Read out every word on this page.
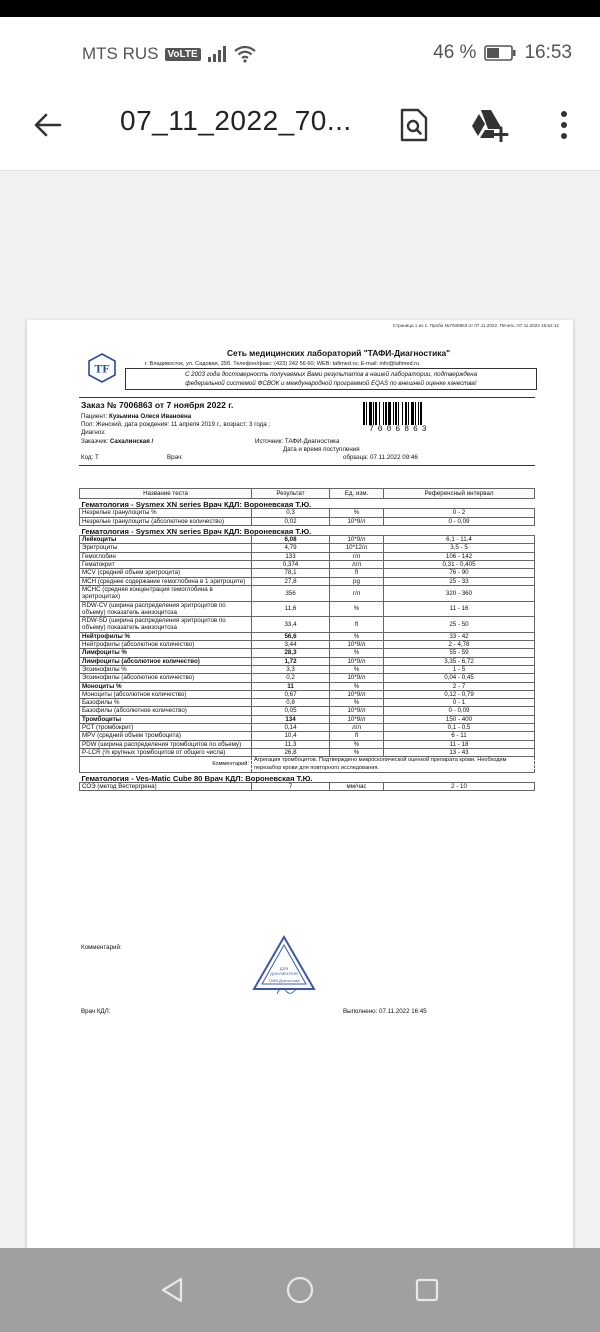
MTS RUS VoLTE	46 %	16:53
07_11_2022_70...
Страница 1 из 1. Проба №7006863 от 07.11.2022. Печать: 07.11.2022 16:52:12
TF
Сеть медицинских лабораторий "ТАФИ-Диагностика"
г. Владивосток, ул. Садовая, 25б. Телефон/факс: (423) 242 56 60; WEB: tafimed.ru; E-mail: info@tafimed.ru
С 2003 года достоверность получаемых Вами результатов в нашей лаборатории, подтверждена
федеральной системой ФСВОК и международной программой EQAS по внешней оценке качества!
Заказ № 7006863 от 7 ноября 2022 г.
Пациент: Кузьмина Олеся Ивановна
Пол: Женский, дата рождения: 11 апреля 2019 г., возраст: 3 года ;
Диагноз:
Заказчик: Сахалинская /	Источник: ТАФИ-Диагностика
Дата и время поступления
Код: Т	Врач:	образца: 07.11.2022 09:46
7006863
Название теста	Результат	Ед. изм.	Референсный интервал
Гематология - Sysmex XN series Врач КДЛ: Вороневская Т.Ю.			
Незрелые гранулоциты %	0,3	%	0 - 2
Незрелые гранулоциты (абсолютное количество)	0,02	10*9/л	0 - 0,09
Гематология - Sysmex XN series Врач КДЛ: Вороневская Т.Ю.			
Лейкоциты	6,08	10*9/л	6,1 - 11,4
Эритроциты	4,79	10*12/л	3,5 - 5
Гемоглобин	133	г/л	106 - 142
Гематокрит	0,374	л/л	0,31 - 0,405
MCV (средний объем эритроцита)	78,1	fl	76 - 90
МСН (среднее содержание гемоглобина в 1 эритроците)	27,8	pg	25 - 33
MCHC (средняя концентрация гемоглобина в эритроцитах)	356	г/л	320 - 360
RDW-CV (ширина распределения эритроцитов по объему) показатель анизоцитоза	11,6	%	11 - 16
RDW-SD (ширина распределения эритроцитов по объему) показатель анизоцитоза	33,4	fl	25 - 50
Нейтрофилы %	56,6	%	33 - 42
Нейтрофилы (абсолютное количество)	3,44	10*9/л	2 - 4,78
Лимфоциты %	28,3	%	55 - 59
Лимфоциты (абсолютное количество)	1,72	10*9/л	3,35 - 6,72
Эозинофилы %	3,3	%	1 - 5
Эозинофилы (абсолютное количество)	0,2	10*9/л	0,04 - 0,45
Моноциты %	11	%	2 - 7
Моноциты (абсолютное количество)	0,67	10*9/л	0,12 - 0,79
Базофилы %	0,8	%	0 - 1
Базофилы (абсолютное количество)	0,05	10*9/л	0 - 0,09
Тромбоциты	134	10*9/л	150 - 400
PCT (тромбокрит)	0,14	л/л	0,1 - 0,5
MPV (средний объем тромбоцита)	10,4	fl	6 - 11
PDW (ширина распределения тромбоцитов по объему)	11,3	%	11 - 18
P-LCR (% крупных тромбоцитов от общего числа)	26,8	%	13 - 43
Комментарий:	Агрегация тромбоцитов. Подтверждено микроскопической оценкой препарата крови. Необходим перезабор крови для повторного исследования.		
Гематология - Ves-Matic Cube 80 Врач КДЛ: Вороневская Т.Ю.			
СОЭ (метод Вестергрена)	7	мм/час	2 - 10
Комментарий:
ДЛЯ
ДОКУМЕНТОВ
ТАФИ-Диагностика
Врач КДЛ:	Выполнено: 07.11.2022 16:45
